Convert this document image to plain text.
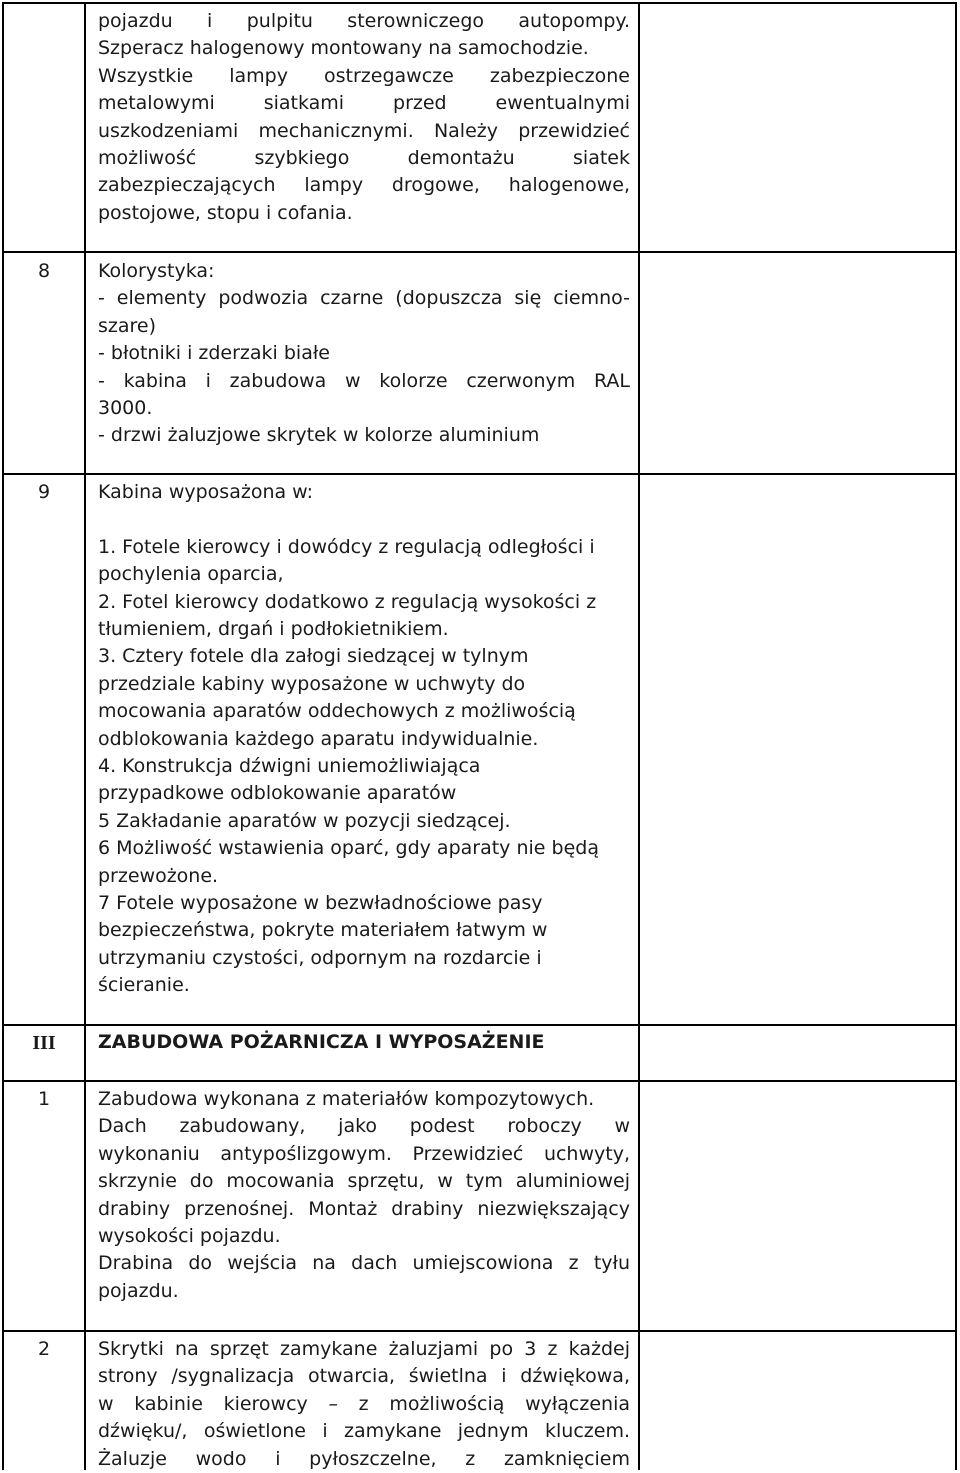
pojazdu i pulpitu sterowniczego autopompy.
Szperacz halogenowy montowany na samochodzie.
Wszystkie lampy ostrzegawcze zabezpieczone
metalowymi siatkami przed ewentualnymi
uszkodzeniami mechanicznymi. Należy przewidzieć
możliwość szybkiego demontażu siatek
zabezpieczających lampy drogowe, halogenowe,
postojowe, stopu i cofania.
8	Kolorystyka:
- elementy podwozia czarne (dopuszcza się ciemno-
szare)
- błotniki i zderzaki białe
- kabina i zabudowa w kolorze czerwonym RAL
3000.
- drzwi żaluzjowe skrytek w kolorze aluminium
9	Kabina wyposażona w:
1. Fotele kierowcy i dowódcy z regulacją odległości i
pochylenia oparcia,
2. Fotel kierowcy dodatkowo z regulacją wysokości z
tłumieniem, drgań i podłokietnikiem.
3. Cztery fotele dla załogi siedzącej w tylnym
przedziale kabiny wyposażone w uchwyty do
mocowania aparatów oddechowych z możliwością
odblokowania każdego aparatu indywidualnie.
4. Konstrukcja dźwigni uniemożliwiająca
przypadkowe odblokowanie aparatów
5 Zakładanie aparatów w pozycji siedzącej.
6 Możliwość wstawienia oparć, gdy aparaty nie będą
przewożone.
7 Fotele wyposażone w bezwładnościowe pasy
bezpieczeństwa, pokryte materiałem łatwym w
utrzymaniu czystości, odpornym na rozdarcie i
ścieranie.
III	ZABUDOWA POŻARNICZA I WYPOSAŻENIE
1	Zabudowa wykonana z materiałów kompozytowych.
Dach zabudowany, jako podest roboczy w
wykonaniu antypoślizgowym. Przewidzieć uchwyty,
skrzynie do mocowania sprzętu, w tym aluminiowej
drabiny przenośnej. Montaż drabiny niezwiększający
wysokości pojazdu.
Drabina do wejścia na dach umiejscowiona z tyłu
pojazdu.
2	Skrytki na sprzęt zamykane żaluzjami po 3 z każdej
strony /sygnalizacja otwarcia, świetlna i dźwiękowa,
w kabinie kierowcy – z możliwością wyłączenia
dźwięku/, oświetlone i zamykane jednym kluczem.
Żaluzje wodo i pyłoszczelne, z zamknięciem
